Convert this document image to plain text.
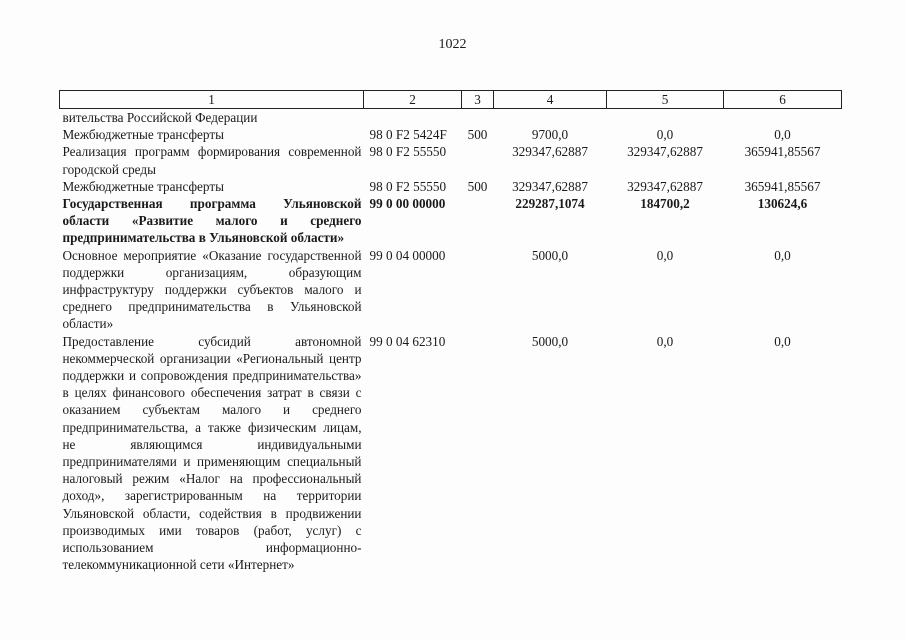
1022
1	2	3	4	5	6
вительства Российской Федерации					
Межбюджетные трансферты	98 0 F2 5424F	500	9700,0	0,0	0,0
Реализация программ формирования современной городской среды	98 0 F2 55550		329347,62887	329347,62887	365941,85567
Межбюджетные трансферты	98 0 F2 55550	500	329347,62887	329347,62887	365941,85567
Государственная программа Ульяновской области «Развитие малого и среднего предпринимательства в Ульяновской области»	99 0 00 00000		229287,1074	184700,2	130624,6
Основное мероприятие «Оказание государственной поддержки организациям, образующим инфраструктуру поддержки субъектов малого и среднего предпринимательства в Ульяновской области»	99 0 04 00000		5000,0	0,0	0,0
Предоставление субсидий автономной некоммерческой организации «Региональный центр поддержки и сопровождения предпринимательства» в целях финансового обеспечения затрат в связи с оказанием субъектам малого и среднего предпринимательства, а также физическим лицам, не являющимся индивидуальными предпринимателями и применяющим специальный налоговый режим «Налог на профессиональный доход», зарегистрированным на территории Ульяновской области, содействия в продвижении производимых ими товаров (работ, услуг) с использованием информационно-телекоммуникационной сети «Интернет»	99 0 04 62310		5000,0	0,0	0,0
